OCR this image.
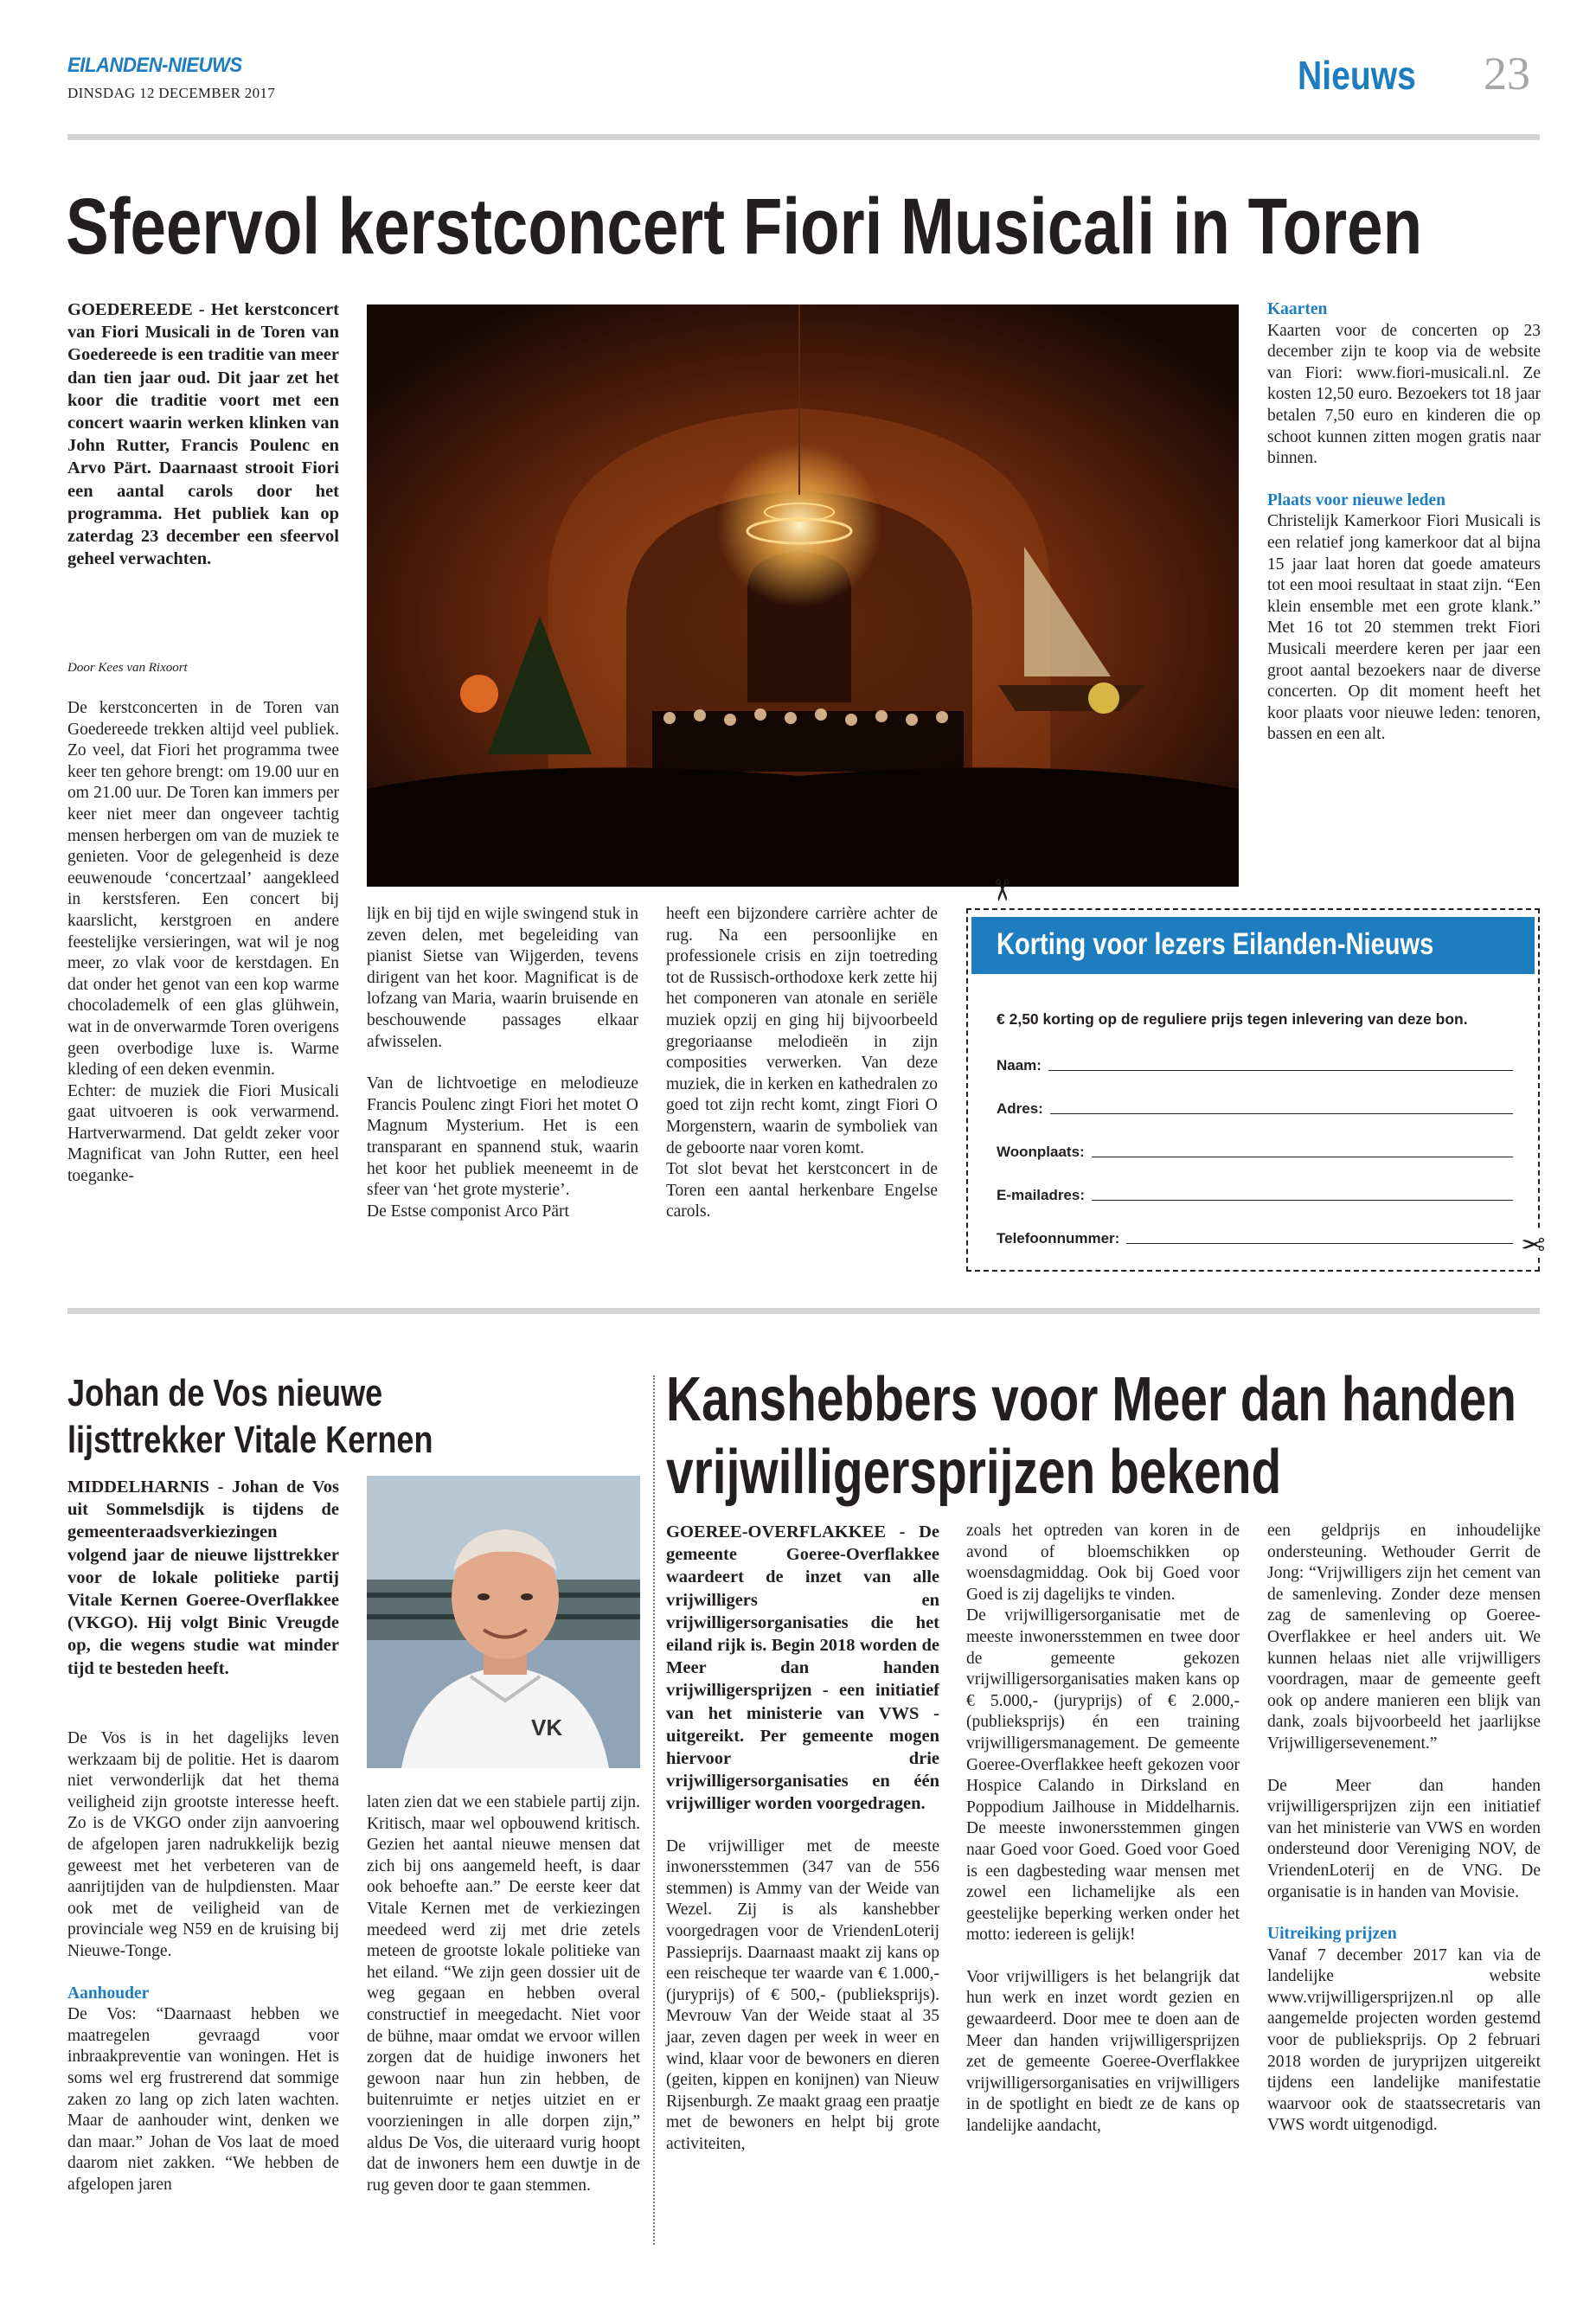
EILANDEN-NIEUWS
DINSDAG 12 DECEMBER 2017	Nieuws 23
Sfeervol kerstconcert Fiori Musicali in Toren
GOEDEREEDE - Het kerstconcert van Fiori Musicali in de Toren van Goedereede is een traditie van meer dan tien jaar oud. Dit jaar zet het koor die traditie voort met een concert waarin werken klinken van John Rutter, Francis Poulenc en Arvo Pärt. Daarnaast strooit Fiori een aantal carols door het programma. Het publiek kan op zaterdag 23 december een sfeervol geheel verwachten.
Door Kees van Rixoort

De kerstconcerten in de Toren van Goedereede trekken altijd veel publiek. Zo veel, dat Fiori het programma twee keer ten gehore brengt: om 19.00 uur en om 21.00 uur. De Toren kan immers per keer niet meer dan ongeveer tachtig mensen herbergen om van de muziek te genieten. Voor de gelegenheid is deze eeuwenoude ‘concertzaal’ aangekleed in kerstsferen. Een concert bij kaarslicht, kerstgroen en andere feestelijke versieringen, wat wil je nog meer, zo vlak voor de kerstdagen. En dat onder het genot van een kop warme chocolademelk of een glas glühwein, wat in de onverwarmde Toren overigens geen overbodige luxe is. Warme kleding of een deken evenmin.

Echter: de muziek die Fiori Musicali gaat uitvoeren is ook verwarmend. Hartverwarmend. Dat geldt zeker voor Magnificat van John Rutter, een heel toeganke-

lijk en bij tijd en wijle swingend stuk in zeven delen, met begeleiding van pianist Sietse van Wijgerden, tevens dirigent van het koor. Magnificat is de lofzang van Maria, waarin bruisende en beschouwende passages elkaar afwisselen.

Van de lichtvoetige en melodieuze Francis Poulenc zingt Fiori het motet O Magnum Mysterium. Het is een transparant en spannend stuk, waarin het koor het publiek meeneemt in de sfeer van ‘het grote mysterie’.

De Estse componist Arco Pärt

heeft een bijzondere carrière achter de rug. Na een persoonlijke en professionele crisis en zijn toetreding tot de Russisch-orthodoxe kerk zette hij het componeren van atonale en seriële muziek opzij en ging hij bijvoorbeeld gregoriaanse melodieën in zijn composities verwerken. Van deze muziek, die in kerken en kathedralen zo goed tot zijn recht komt, zingt Fiori O Morgenstern, waarin de symboliek van de geboorte naar voren komt.

Tot slot bevat het kerstconcert in de Toren een aantal herkenbare Engelse carols.

Kaarten
Kaarten voor de concerten op 23 december zijn te koop via de website van Fiori: www.fiori-musicali.nl. Ze kosten 12,50 euro. Bezoekers tot 18 jaar betalen 7,50 euro en kinderen die op schoot kunnen zitten mogen gratis naar binnen.
Plaats voor nieuwe leden
Christelijk Kamerkoor Fiori Musicali is een relatief jong kamerkoor dat al bijna 15 jaar laat horen dat goede amateurs tot een mooi resultaat in staat zijn. “Een klein ensemble met een grote klank.” Met 16 tot 20 stemmen trekt Fiori Musicali meerdere keren per jaar een groot aantal bezoekers naar de diverse concerten. Op dit moment heeft het koor plaats voor nieuwe leden: tenoren, bassen en een alt.
✂
Korting voor lezers Eilanden-Nieuws
€ 2,50 korting op de reguliere prijs tegen inlevering van deze bon.
Naam:
Adres:
Woonplaats:
E-mailadres:
Telefoonnummer:	✂
Johan de Vos nieuwe
lijsttrekker Vitale Kernen
MIDDELHARNIS - Johan de Vos uit Sommelsdijk is tijdens de gemeenteraadsverkiezingen volgend jaar de nieuwe lijsttrekker voor de lokale politieke partij Vitale Kernen Goeree-Overflakkee (VKGO). Hij volgt Binic Vreugde op, die wegens studie wat minder tijd te besteden heeft.
VK

De Vos is in het dagelijks leven werkzaam bij de politie. Het is daarom niet verwonderlijk dat het thema veiligheid zijn grootste interesse heeft. Zo is de VKGO onder zijn aanvoering de afgelopen jaren nadrukkelijk bezig geweest met het verbeteren van de aanrijtijden van de hulpdiensten. Maar ook met de veiligheid van de provinciale weg N59 en de kruising bij Nieuwe-Tonge.

Aanhouder

De Vos: “Daarnaast hebben we maatregelen gevraagd voor inbraakpreventie van woningen. Het is soms wel erg frustrerend dat sommige zaken zo lang op zich laten wachten. Maar de aanhouder wint, denken we dan maar.” Johan de Vos laat de moed daarom niet zakken. “We hebben de afgelopen jaren

laten zien dat we een stabiele partij zijn. Kritisch, maar wel opbouwend kritisch. Gezien het aantal nieuwe mensen dat zich bij ons aangemeld heeft, is daar ook behoefte aan.” De eerste keer dat Vitale Kernen met de verkiezingen meedeed werd zij met drie zetels meteen de grootste lokale politieke van het eiland. “We zijn geen dossier uit de weg gegaan en hebben overal constructief in meegedacht. Niet voor de bühne, maar omdat we ervoor willen zorgen dat de huidige inwoners het gewoon naar hun zin hebben, de buitenruimte er netjes uitziet en er voorzieningen in alle dorpen zijn,” aldus De Vos, die uiteraard vurig hoopt dat de inwoners hem een duwtje in de rug geven door te gaan stemmen.

Kanshebbers voor Meer dan handen
vrijwilligersprijzen bekend
GOEREE-OVERFLAKKEE - De gemeente Goeree-Overflakkee waardeert de inzet van alle vrijwilligers en vrijwilligersorganisaties die het eiland rijk is. Begin 2018 worden de Meer dan handen vrijwilligersprijzen - een initiatief van het ministerie van VWS - uitgereikt. Per gemeente mogen hiervoor drie vrijwilligersorganisaties en één vrijwilliger worden voorgedragen.

De vrijwilliger met de meeste inwonersstemmen (347 van de 556 stemmen) is Ammy van der Weide van Wezel. Zij is als kanshebber voorgedragen voor de VriendenLoterij Passieprijs. Daarnaast maakt zij kans op een reischeque ter waarde van € 1.000,- (juryprijs) of € 500,- (publieksprijs). Mevrouw Van der Weide staat al 35 jaar, zeven dagen per week in weer en wind, klaar voor de bewoners en dieren (geiten, kippen en konijnen) van Nieuw Rijsenburgh. Ze maakt graag een praatje met de bewoners en helpt bij grote activiteiten,

zoals het optreden van koren in de avond of bloemschikken op woensdagmiddag. Ook bij Goed voor Goed is zij dagelijks te vinden.

De vrijwilligersorganisatie met de meeste inwonersstemmen en twee door de gemeente gekozen vrijwilligersorganisaties maken kans op € 5.000,- (juryprijs) of € 2.000,- (publieksprijs) én een training vrijwilligersmanagement. De gemeente Goeree-Overflakkee heeft gekozen voor Hospice Calando in Dirksland en Poppodium Jailhouse in Middelharnis. De meeste inwonersstemmen gingen naar Goed voor Goed. Goed voor Goed is een dagbesteding waar mensen met zowel een lichamelijke als een geestelijke beperking werken onder het motto: iedereen is gelijk!

Voor vrijwilligers is het belangrijk dat hun werk en inzet wordt gezien en gewaardeerd. Door mee te doen aan de Meer dan handen vrijwilligersprijzen zet de gemeente Goeree-Overflakkee vrijwilligersorganisaties en vrijwilligers in de spotlight en biedt ze de kans op landelijke aandacht,

een geldprijs en inhoudelijke ondersteuning. Wethouder Gerrit de Jong: “Vrijwilligers zijn het cement van de samenleving. Zonder deze mensen zag de samenleving op Goeree-Overflakkee er heel anders uit. We kunnen helaas niet alle vrijwilligers voordragen, maar de gemeente geeft ook op andere manieren een blijk van dank, zoals bijvoorbeeld het jaarlijkse Vrijwilligersevenement.”

De Meer dan handen vrijwilligersprijzen zijn een initiatief van het ministerie van VWS en worden ondersteund door Vereniging NOV, de VriendenLoterij en de VNG. De organisatie is in handen van Movisie.

Uitreiking prijzen

Vanaf 7 december 2017 kan via de landelijke website www.vrijwilligersprijzen.nl op alle aangemelde projecten worden gestemd voor de publieksprijs. Op 2 februari 2018 worden de juryprijzen uitgereikt tijdens een landelijke manifestatie waarvoor ook de staatssecretaris van VWS wordt uitgenodigd.
